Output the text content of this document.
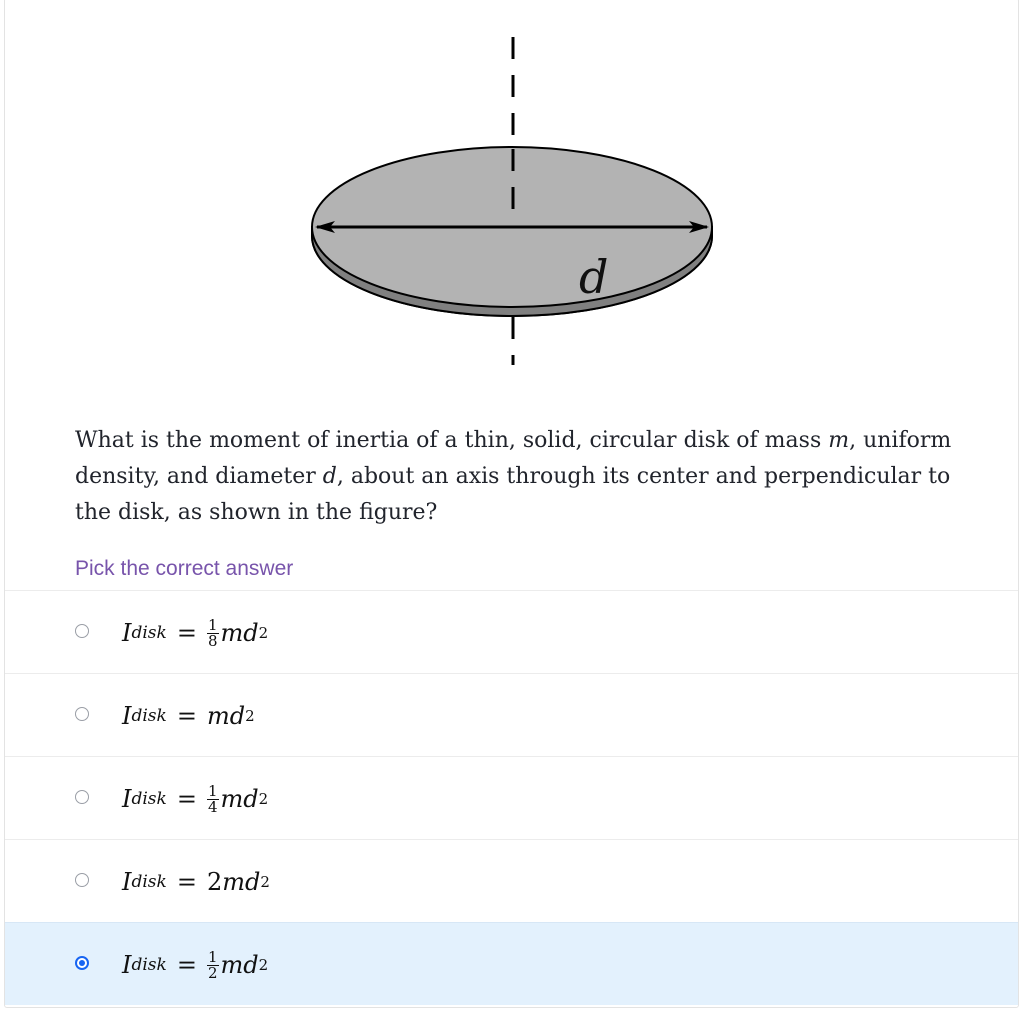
d
What is the moment of inertia of a thin, solid, circular disk of mass m, uniform density, and diameter d, about an axis through its center and perpendicular to the disk, as shown in the figure?
Pick the correct answer
I disk = $\frac{1}{8}$ md 2
I disk = md 2
I disk = $\frac{1}{4}$ md 2
I disk = 2 md 2
I disk = $\frac{1}{2}$ md 2
